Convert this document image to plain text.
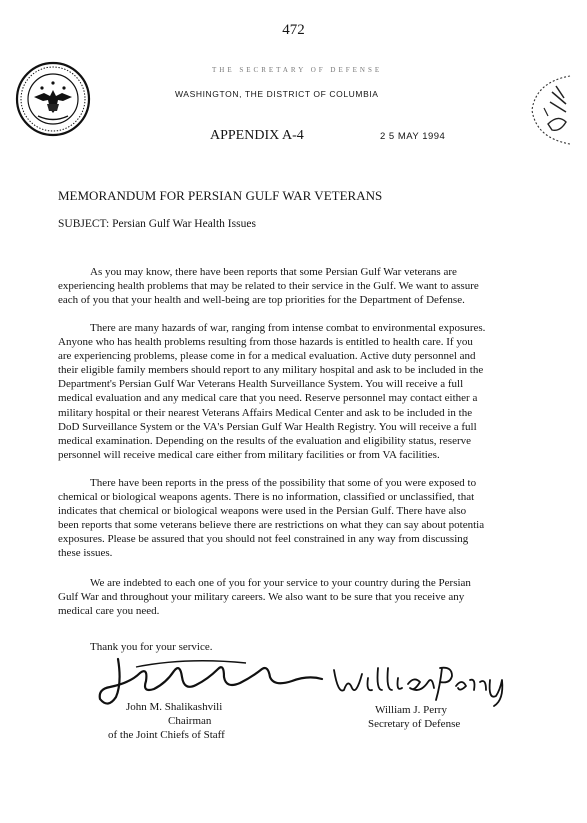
472
THE SECRETARY OF DEFENSE
WASHINGTON, THE DISTRICT OF COLUMBIA
APPENDIX A-4	2 5 MAY 1994
MEMORANDUM FOR PERSIAN GULF WAR VETERANS
SUBJECT: Persian Gulf War Health Issues
As you may know, there have been reports that some Persian Gulf War veterans are
experiencing health problems that may be related to their service in the Gulf. We want to assure
each of you that your health and well-being are top priorities for the Department of Defense.
There are many hazards of war, ranging from intense combat to environmental exposures.
Anyone who has health problems resulting from those hazards is entitled to health care. If you
are experiencing problems, please come in for a medical evaluation. Active duty personnel and
their eligible family members should report to any military hospital and ask to be included in the
Department's Persian Gulf War Veterans Health Surveillance System. You will receive a full
medical evaluation and any medical care that you need. Reserve personnel may contact either a
military hospital or their nearest Veterans Affairs Medical Center and ask to be included in the
DoD Surveillance System or the VA's Persian Gulf War Health Registry. You will receive a full
medical examination. Depending on the results of the evaluation and eligibility status, reserve
personnel will receive medical care either from military facilities or from VA facilities.
There have been reports in the press of the possibility that some of you were exposed to
chemical or biological weapons agents. There is no information, classified or unclassified, that
indicates that chemical or biological weapons were used in the Persian Gulf. There have also
been reports that some veterans believe there are restrictions on what they can say about potentia
exposures. Please be assured that you should not feel constrained in any way from discussing
these issues.
We are indebted to each one of you for your service to your country during the Persian
Gulf War and throughout your military careers. We also want to be sure that you receive any
medical care you need.
Thank you for your service.
John M. Shalikashvili
Chairman
of the Joint Chiefs of Staff
William J. Perry
Secretary of Defense
